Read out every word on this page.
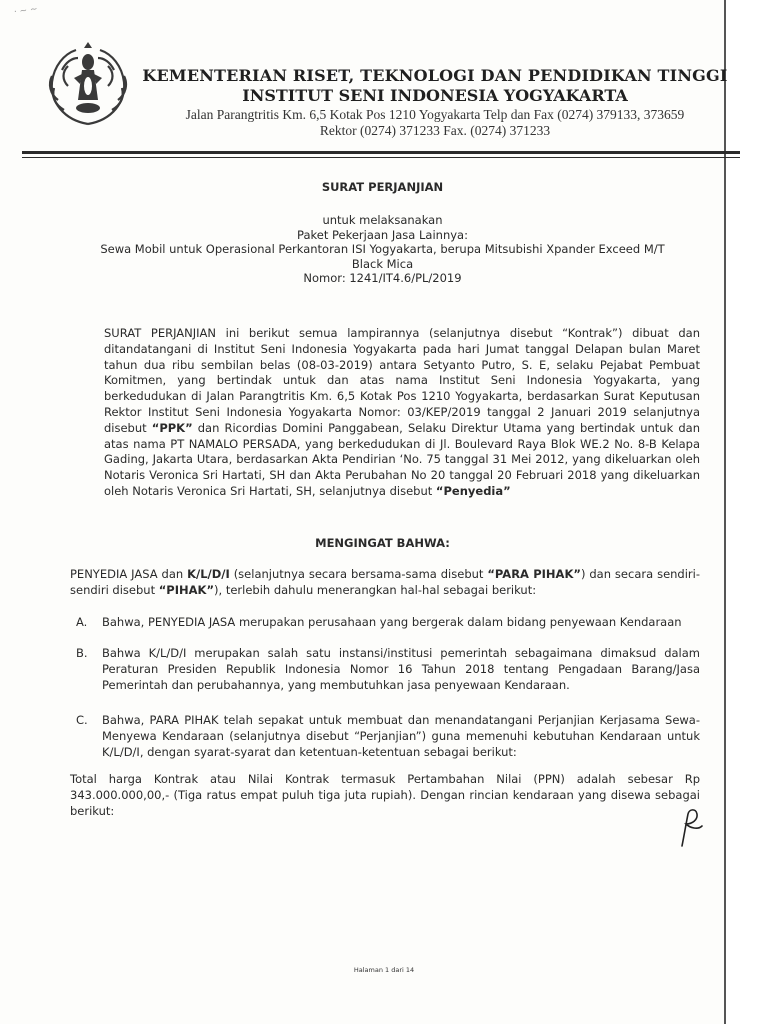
· ~ ∼
KEMENTERIAN RISET, TEKNOLOGI DAN PENDIDIKAN TINGGI
INSTITUT SENI INDONESIA YOGYAKARTA
Jalan Parangtritis Km. 6,5 Kotak Pos 1210 Yogyakarta Telp dan Fax (0274) 379133, 373659
Rektor (0274) 371233 Fax. (0274) 371233
SURAT PERJANJIAN
untuk melaksanakan
Paket Pekerjaan Jasa Lainnya:
Sewa Mobil untuk Operasional Perkantoran ISI Yogyakarta, berupa Mitsubishi Xpander Exceed M/T
Black Mica
Nomor: 1241/IT4.6/PL/2019
SURAT PERJANJIAN ini berikut semua lampirannya (selanjutnya disebut “Kontrak”) dibuat dan ditandatangani di Institut Seni Indonesia Yogyakarta pada hari Jumat tanggal Delapan bulan Maret tahun dua ribu sembilan belas (08-03-2019) antara Setyanto Putro, S. E, selaku Pejabat Pembuat Komitmen, yang bertindak untuk dan atas nama Institut Seni Indonesia Yogyakarta, yang berkedudukan di Jalan Parangtritis Km. 6,5 Kotak Pos 1210 Yogyakarta, berdasarkan Surat Keputusan Rektor Institut Seni Indonesia Yogyakarta Nomor: 03/KEP/2019 tanggal 2 Januari 2019 selanjutnya disebut “PPK” dan Ricordias Domini Panggabean, Selaku Direktur Utama yang bertindak untuk dan atas nama PT NAMALO PERSADA, yang berkedudukan di Jl. Boulevard Raya Blok WE.2 No. 8-B Kelapa Gading, Jakarta Utara, berdasarkan Akta Pendirian ‘No. 75 tanggal 31 Mei 2012, yang dikeluarkan oleh Notaris Veronica Sri Hartati, SH dan Akta Perubahan No 20 tanggal 20 Februari 2018 yang dikeluarkan oleh Notaris Veronica Sri Hartati, SH, selanjutnya disebut “Penyedia”
MENGINGAT BAHWA:
PENYEDIA JASA dan K/L/D/I (selanjutnya secara bersama-sama disebut “PARA PIHAK”) dan secara sendiri-sendiri disebut “PIHAK”), terlebih dahulu menerangkan hal-hal sebagai berikut:
A.	Bahwa, PENYEDIA JASA merupakan perusahaan yang bergerak dalam bidang penyewaan Kendaraan
B.	Bahwa K/L/D/I merupakan salah satu instansi/institusi pemerintah sebagaimana dimaksud dalam Peraturan Presiden Republik Indonesia Nomor 16 Tahun 2018 tentang Pengadaan Barang/Jasa Pemerintah dan perubahannya, yang membutuhkan jasa penyewaan Kendaraan.
C.	Bahwa, PARA PIHAK telah sepakat untuk membuat dan menandatangani Perjanjian Kerjasama Sewa-Menyewa Kendaraan (selanjutnya disebut “Perjanjian”) guna memenuhi kebutuhan Kendaraan untuk K/L/D/I, dengan syarat-syarat dan ketentuan-ketentuan sebagai berikut:
Total harga Kontrak atau Nilai Kontrak termasuk Pertambahan Nilai (PPN) adalah sebesar Rp 343.000.000,00,- (Tiga ratus empat puluh tiga juta rupiah). Dengan rincian kendaraan yang disewa sebagai berikut:
Halaman 1 dari 14
